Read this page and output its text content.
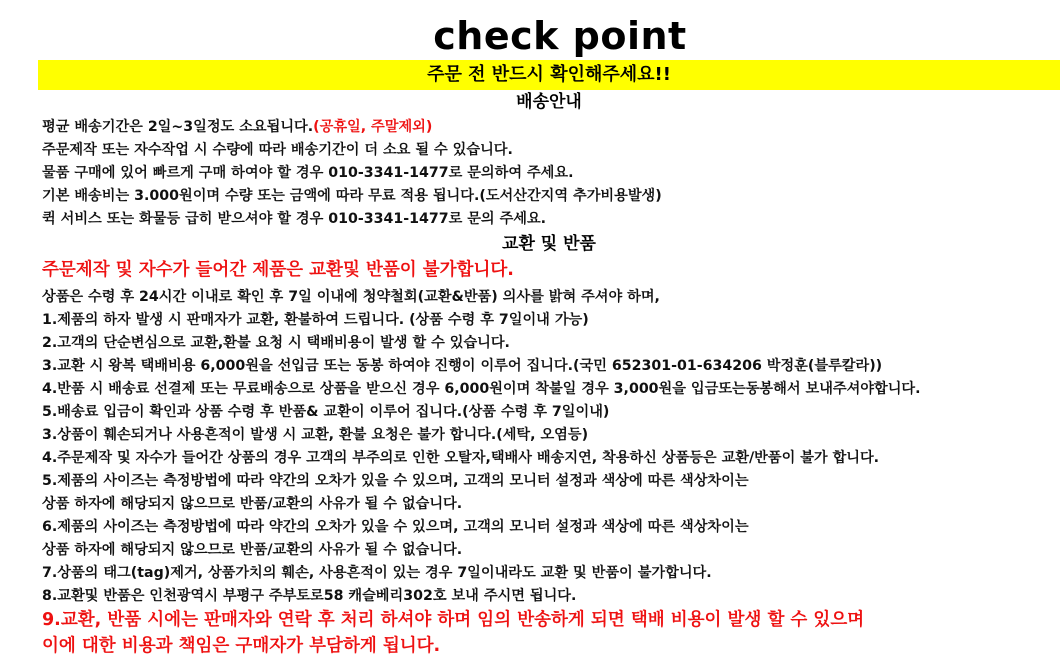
check point
주문 전 반드시 확인해주세요!!
배송안내
평균 배송기간은 2일~3일정도 소요됩니다.(공휴일, 주말제외)
주문제작 또는 자수작업 시 수량에 따라 배송기간이 더 소요 될 수 있습니다.
물품 구매에 있어 빠르게 구매 하여야 할 경우 010-3341-1477로 문의하여 주세요.
기본 배송비는 3.000원이며 수량 또는 금액에 따라 무료 적용 됩니다.(도서산간지역 추가비용발생)
퀵 서비스 또는 화물등 급히 받으셔야 할 경우 010-3341-1477로 문의 주세요.
교환 및 반품
주문제작 및 자수가 들어간 제품은 교환및 반품이 불가합니다.
상품은 수령 후 24시간 이내로 확인 후 7일 이내에 청약철회(교환&반품) 의사를 밝혀 주셔야 하며,
1.제품의 하자 발생 시 판매자가 교환, 환불하여 드립니다. (상품 수령 후 7일이내 가능)
2.고객의 단순변심으로 교환,환불 요청 시 택배비용이 발생 할 수 있습니다.
3.교환 시 왕복 택배비용 6,000원을 선입금 또는 동봉 하여야 진행이 이루어 집니다.(국민 652301-01-634206 박정훈(블루칼라))
4.반품 시 배송료 선결제 또는 무료배송으로 상품을 받으신 경우 6,000원이며 착불일 경우 3,000원을 입금또는동봉해서 보내주셔야합니다.
5.배송료 입금이 확인과 상품 수령 후 반품& 교환이 이루어 집니다.(상품 수령 후 7일이내)
3.상품이 훼손되거나 사용흔적이 발생 시 교환, 환불 요청은 불가 합니다.(세탁, 오염등)
4.주문제작 및 자수가 들어간 상품의 경우 고객의 부주의로 인한 오탈자,택배사 배송지연, 착용하신 상품등은 교환/반품이 불가 합니다.
5.제품의 사이즈는 측정방법에 따라 약간의 오차가 있을 수 있으며, 고객의 모니터 설정과 색상에 따른 색상차이는
상품 하자에 해당되지 않으므로 반품/교환의 사유가 될 수 없습니다.
6.제품의 사이즈는 측정방법에 따라 약간의 오차가 있을 수 있으며, 고객의 모니터 설정과 색상에 따른 색상차이는
상품 하자에 해당되지 않으므로 반품/교환의 사유가 될 수 없습니다.
7.상품의 태그(tag)제거, 상품가치의 훼손, 사용흔적이 있는 경우 7일이내라도 교환 및 반품이 불가합니다.
8.교환및 반품은 인천광역시 부평구 주부토로58 캐슬베리302호 보내 주시면 됩니다.
9.교환, 반품 시에는 판매자와 연락 후 처리 하셔야 하며 임의 반송하게 되면 택배 비용이 발생 할 수 있으며
이에 대한 비용과 책임은 구매자가 부담하게 됩니다.
